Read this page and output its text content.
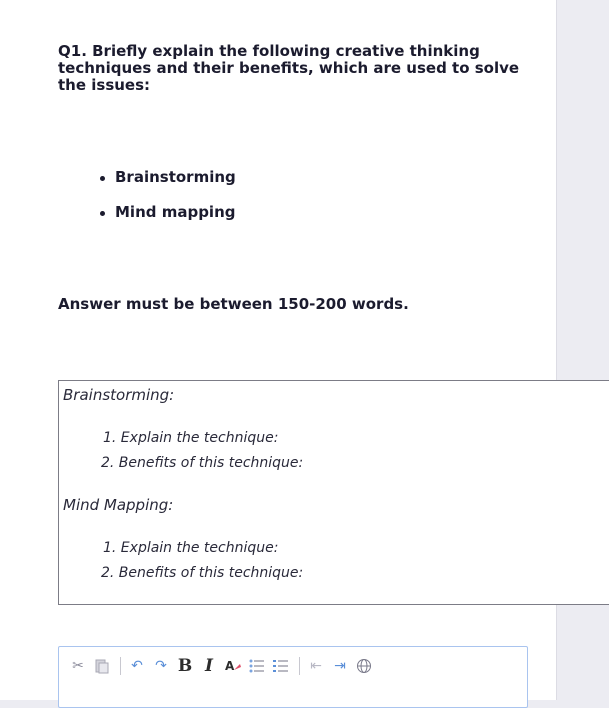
Q1. Briefly explain the following creative thinking techniques and their benefits, which are used to solve the issues:
Brainstorming
Mind mapping
Answer must be between 150-200 words.
Brainstorming:
1. Explain the technique:
2. Benefits of this technique:
Mind Mapping:
1. Explain the technique:
2. Benefits of this technique:
✂	↶ ↷ B I	A	⇤ ⇥
